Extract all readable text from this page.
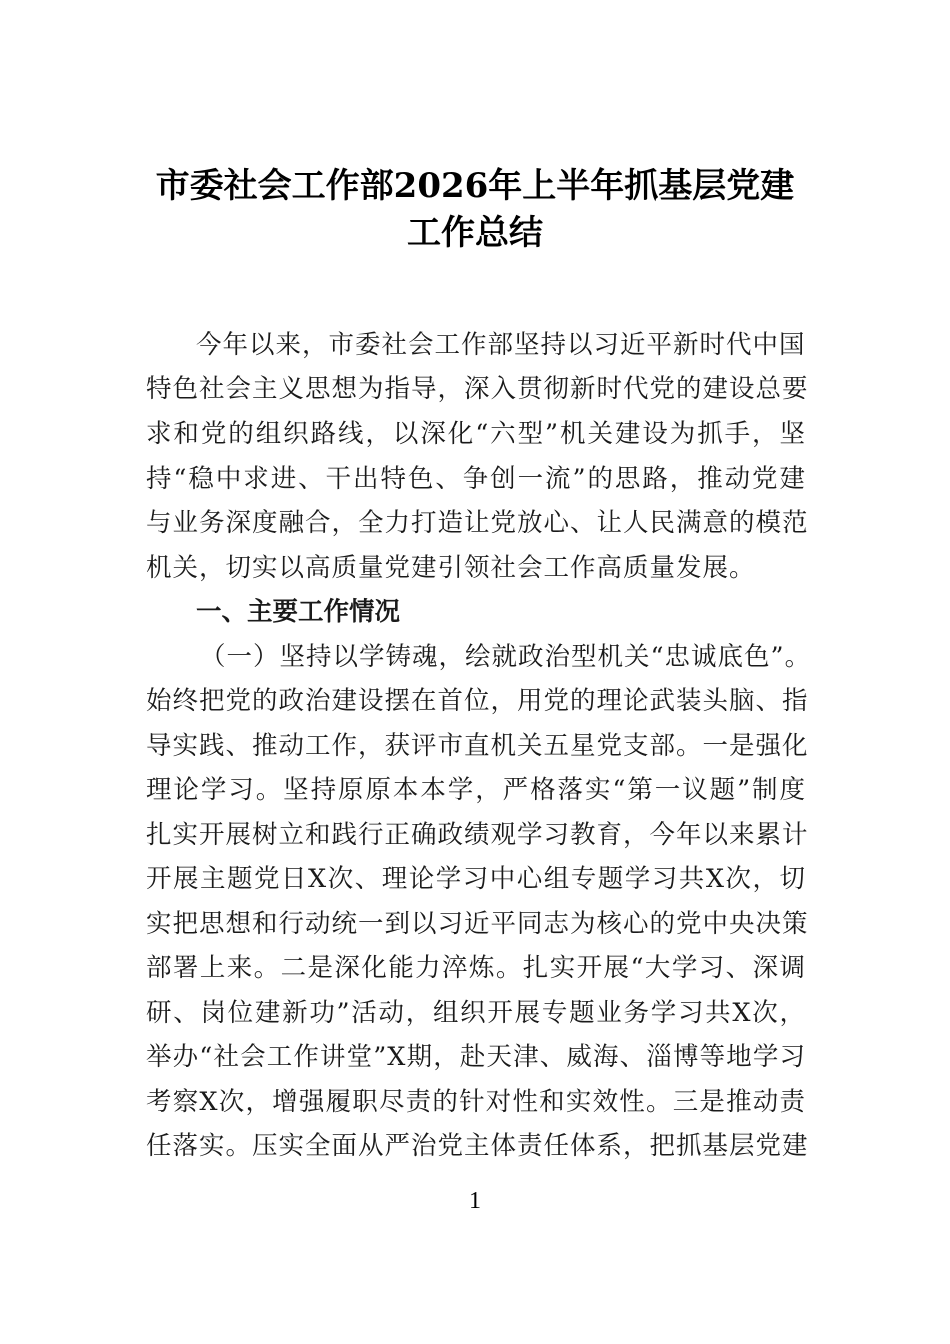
市委社会工作部2026年上半年抓基层党建
工作总结
今年以来，市委社会工作部坚持以习近平新时代中国
特色社会主义思想为指导，深入贯彻新时代党的建设总要
求和党的组织路线，以深化“六型”机关建设为抓手，坚
持“稳中求进、干出特色、争创一流”的思路，推动党建
与业务深度融合，全力打造让党放心、让人民满意的模范
机关，切实以高质量党建引领社会工作高质量发展。
一、主要工作情况
（一）坚持以学铸魂，绘就政治型机关“忠诚底色”。
始终把党的政治建设摆在首位，用党的理论武装头脑、指
导实践、推动工作，获评市直机关五星党支部。一是强化
理论学习。坚持原原本本学，严格落实“第一议题”制度
扎实开展树立和践行正确政绩观学习教育，今年以来累计
开展主题党日X次、理论学习中心组专题学习共X次，切
实把思想和行动统一到以习近平同志为核心的党中央决策
部署上来。二是深化能力淬炼。扎实开展“大学习、深调
研、岗位建新功”活动，组织开展专题业务学习共X次，
举办“社会工作讲堂”X期，赴天津、威海、淄博等地学习
考察X次，增强履职尽责的针对性和实效性。三是推动责
任落实。压实全面从严治党主体责任体系，把抓基层党建
1
